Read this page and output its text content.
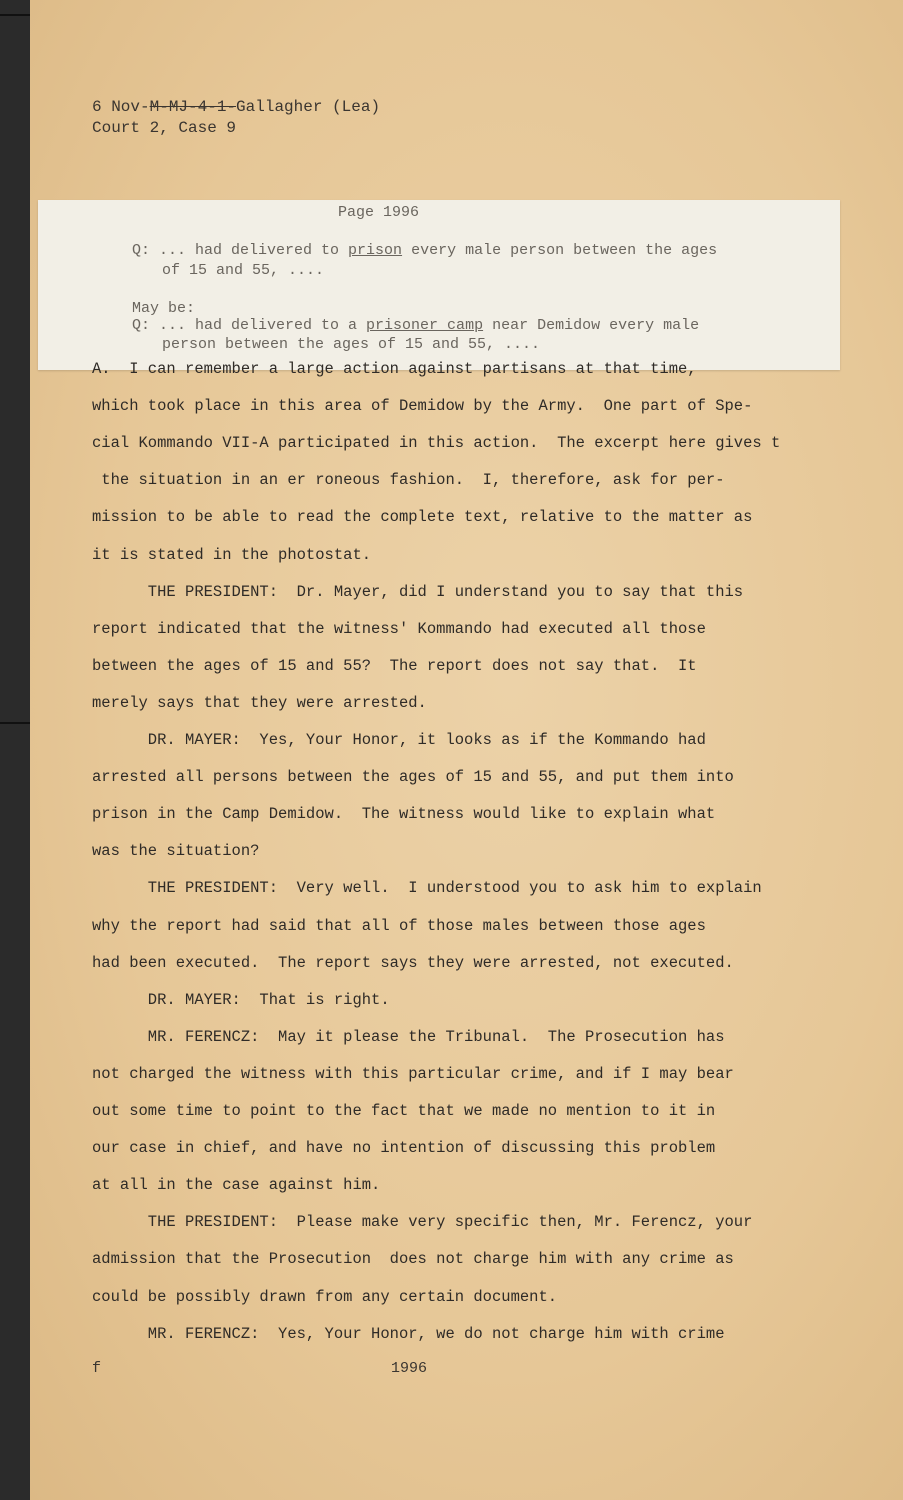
6 Nov-M-MJ-4-1-Gallagher (Lea)
Court 2, Case 9
Page 1996
Q: ... had delivered to prison every male person between the ages
of 15 and 55, ....
May be:
Q: ... had delivered to a prisoner camp near Demidow every male
person between the ages of 15 and 55, ....
A.  I can remember a large action against partisans at that time,
which took place in this area of Demidow by the Army.  One part of Spe-
cial Kommando VII-A participated in this action.  The excerpt here gives t
the situation in an er roneous fashion.  I, therefore, ask for per-
mission to be able to read the complete text, relative to the matter as
it is stated in the photostat.
THE PRESIDENT:  Dr. Mayer, did I understand you to say that this
report indicated that the witness' Kommando had executed all those
between the ages of 15 and 55?  The report does not say that.  It
merely says that they were arrested.
DR. MAYER:  Yes, Your Honor, it looks as if the Kommando had
arrested all persons between the ages of 15 and 55, and put them into
prison in the Camp Demidow.  The witness would like to explain what
was the situation?
THE PRESIDENT:  Very well.  I understood you to ask him to explain
why the report had said that all of those males between those ages
had been executed.  The report says they were arrested, not executed.
DR. MAYER:  That is right.
MR. FERENCZ:  May it please the Tribunal.  The Prosecution has
not charged the witness with this particular crime, and if I may bear
out some time to point to the fact that we made no mention to it in
our case in chief, and have no intention of discussing this problem
at all in the case against him.
THE PRESIDENT:  Please make very specific then, Mr. Ferencz, your
admission that the Prosecution  does not charge him with any crime as
could be possibly drawn from any certain document.
MR. FERENCZ:  Yes, Your Honor, we do not charge him with crime
f	1996
